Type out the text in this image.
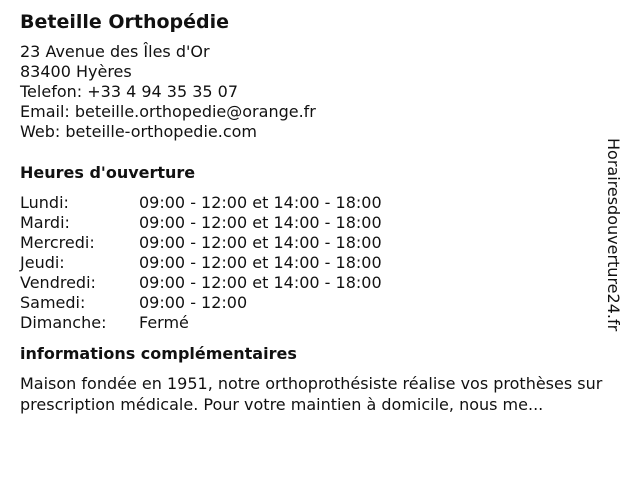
Beteille Orthopédie
23 Avenue des Îles d'Or
83400 Hyères
Telefon: +33 4 94 35 35 07
Email: beteille.orthopedie@orange.fr
Web: beteille-orthopedie.com
Heures d'ouverture
Lundi:	09:00 - 12:00 et 14:00 - 18:00
Mardi:	09:00 - 12:00 et 14:00 - 18:00
Mercredi:	09:00 - 12:00 et 14:00 - 18:00
Jeudi:	09:00 - 12:00 et 14:00 - 18:00
Vendredi:	09:00 - 12:00 et 14:00 - 18:00
Samedi:	09:00 - 12:00
Dimanche:	Fermé
informations complémentaires
Maison fondée en 1951, notre orthoprothésiste réalise vos prothèses sur prescription médicale. Pour votre maintien à domicile, nous me...
Horairesdouverture24.fr
